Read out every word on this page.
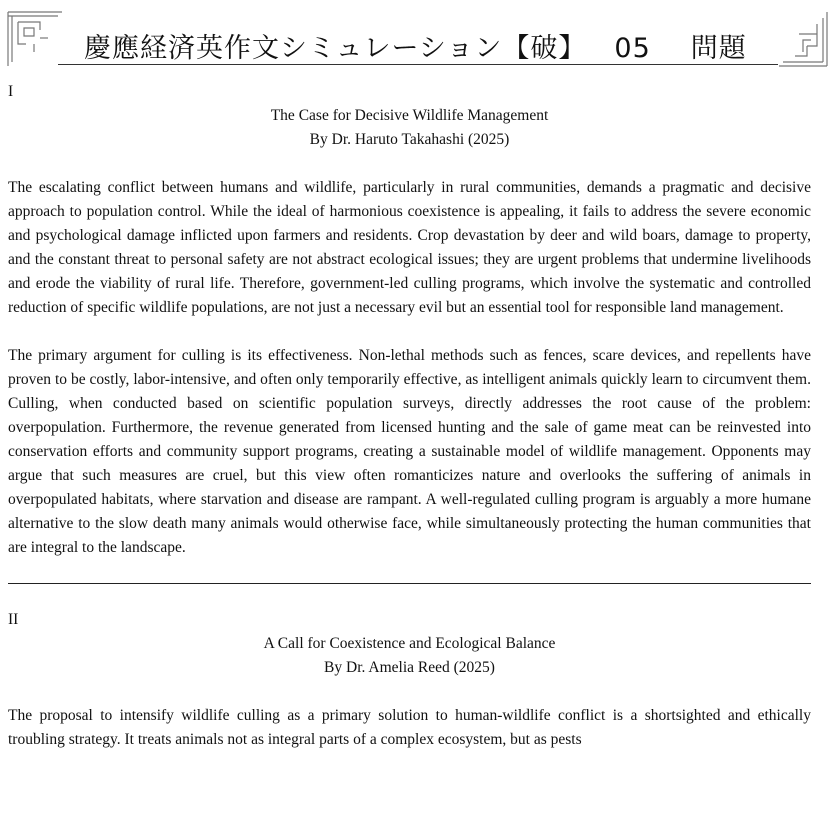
慶應経済英作文シミュレーション【破】 05 問題
I
The Case for Decisive Wildlife Management
By Dr. Haruto Takahashi (2025)

The escalating conflict between humans and wildlife, particularly in rural communities, demands a pragmatic and decisive approach to population control. While the ideal of harmonious coexistence is appealing, it fails to address the severe economic and psychological damage inflicted upon farmers and residents. Crop devastation by deer and wild boars, damage to property, and the constant threat to personal safety are not abstract ecological issues; they are urgent problems that undermine livelihoods and erode the viability of rural life. Therefore, government-led culling programs, which involve the systematic and controlled reduction of specific wildlife populations, are not just a necessary evil but an essential tool for responsible land management.

The primary argument for culling is its effectiveness. Non-lethal methods such as fences, scare devices, and repellents have proven to be costly, labor-intensive, and often only temporarily effective, as intelligent animals quickly learn to circumvent them. Culling, when conducted based on scientific population surveys, directly addresses the root cause of the problem: overpopulation. Furthermore, the revenue generated from licensed hunting and the sale of game meat can be reinvested into conservation efforts and community support programs, creating a sustainable model of wildlife management. Opponents may argue that such measures are cruel, but this view often romanticizes nature and overlooks the suffering of animals in overpopulated habitats, where starvation and disease are rampant. A well-regulated culling program is arguably a more humane alternative to the slow death many animals would otherwise face, while simultaneously protecting the human communities that are integral to the landscape.

II
A Call for Coexistence and Ecological Balance
By Dr. Amelia Reed (2025)

The proposal to intensify wildlife culling as a primary solution to human-wildlife conflict is a shortsighted and ethically troubling strategy. It treats animals not as integral parts of a complex ecosystem, but as pests
